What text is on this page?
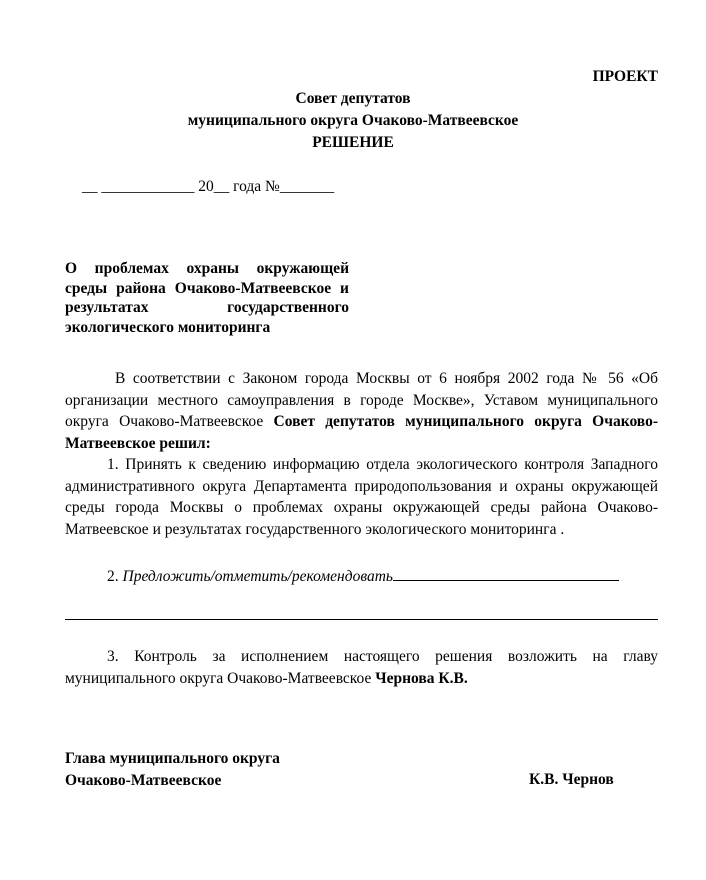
ПРОЕКТ
Совет депутатов
муниципального округа Очаково-Матвеевское
РЕШЕНИЕ
__ ____________ 20__ года №_______
О проблемах охраны окружающей среды района Очаково-Матвеевское и результатах государственного экологического мониторинга

В соответствии с Законом города Москвы от 6 ноября 2002 года № 56 «Об организации местного самоуправления в городе Москве», Уставом муниципального округа Очаково-Матвеевское Совет депутатов муниципального округа Очаково-Матвеевское решил:

1. Принять к сведению информацию отдела экологического контроля Западного административного округа Департамента природопользования и охраны окружающей среды города Москвы о проблемах охраны окружающей среды района Очаково-Матвеевское и результатах государственного экологического мониторинга .

2. Предложить/отметить/рекомендовать
3. Контроль за исполнением настоящего решения возложить на главу муниципального округа Очаково-Матвеевское Чернова К.В.
Глава муниципального округа
Очаково-Матвеевское	К.В. Чернов
